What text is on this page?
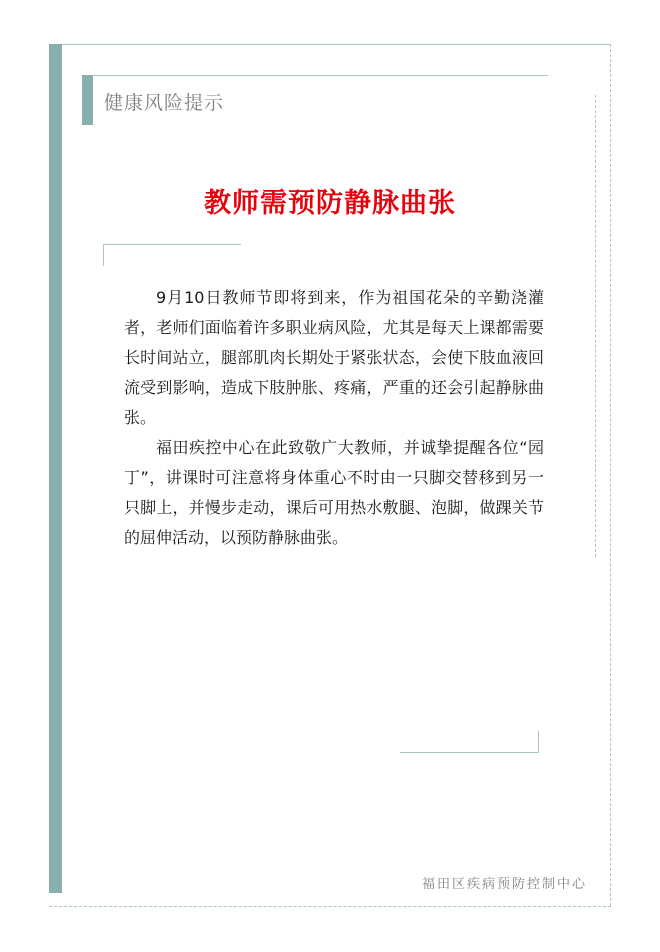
健康风险提示
教师需预防静脉曲张

9月10日教师节即将到来，作为祖国花朵的辛勤浇灌者，老师们面临着许多职业病风险，尤其是每天上课都需要长时间站立，腿部肌肉长期处于紧张状态，会使下肢血液回流受到影响，造成下肢肿胀、疼痛，严重的还会引起静脉曲张。

福田疾控中心在此致敬广大教师，并诚挚提醒各位“园丁”，讲课时可注意将身体重心不时由一只脚交替移到另一只脚上，并慢步走动，课后可用热水敷腿、泡脚，做踝关节的屈伸活动，以预防静脉曲张。

福田区疾病预防控制中心
